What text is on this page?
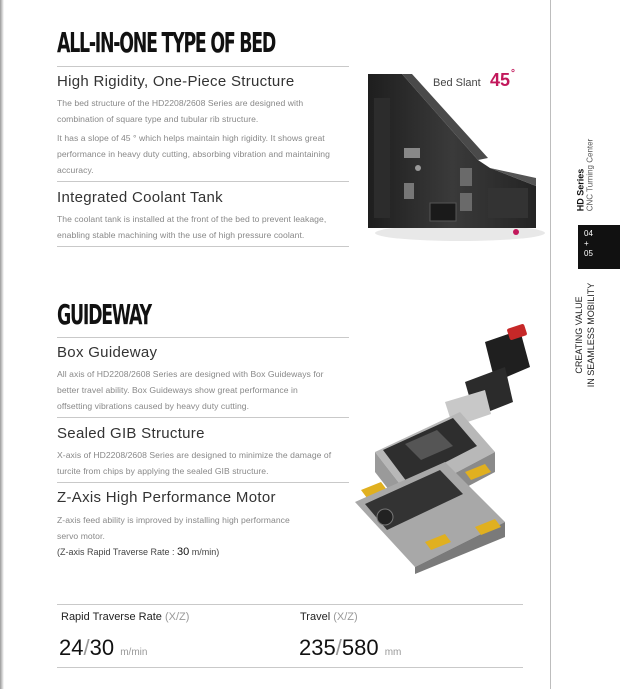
ALL-IN-ONE TYPE OF BED
High Rigidity, One-Piece Structure
The bed structure of the HD2208/2608 Series are designed with
combination of square type and tubular rib structure.
It has a slope of 45 ° which helps maintain high rigidity. It shows great
performance in heavy duty cutting, absorbing vibration and maintaining
accuracy.
Integrated Coolant Tank
The coolant tank is installed at the front of the bed to prevent leakage,
enabling stable machining with the use of high pressure coolant.
Bed Slant 45 °
GUIDEWAY
Box Guideway
All axis of HD2208/2608 Series are designed with Box Guideways for
better travel ability. Box Guideways show great performance in
offsetting vibrations caused by heavy duty cutting.
Sealed GIB Structure
X-axis of HD2208/2608 Series are designed to minimize the damage of
turcite from chips by applying the sealed GIB structure.
Z-Axis High Performance Motor
Z-axis feed ability is improved by installing high performance
servo motor.
(Z-axis Rapid Traverse Rate : 30 m/min)
Rapid Traverse Rate (X/Z)
24/30 m/min
Travel (X/Z)
235/580 mm
HD Series
CNC Turning Center
04
+
05
CREATING VALUE IN SEAMLESS MOBILITY
